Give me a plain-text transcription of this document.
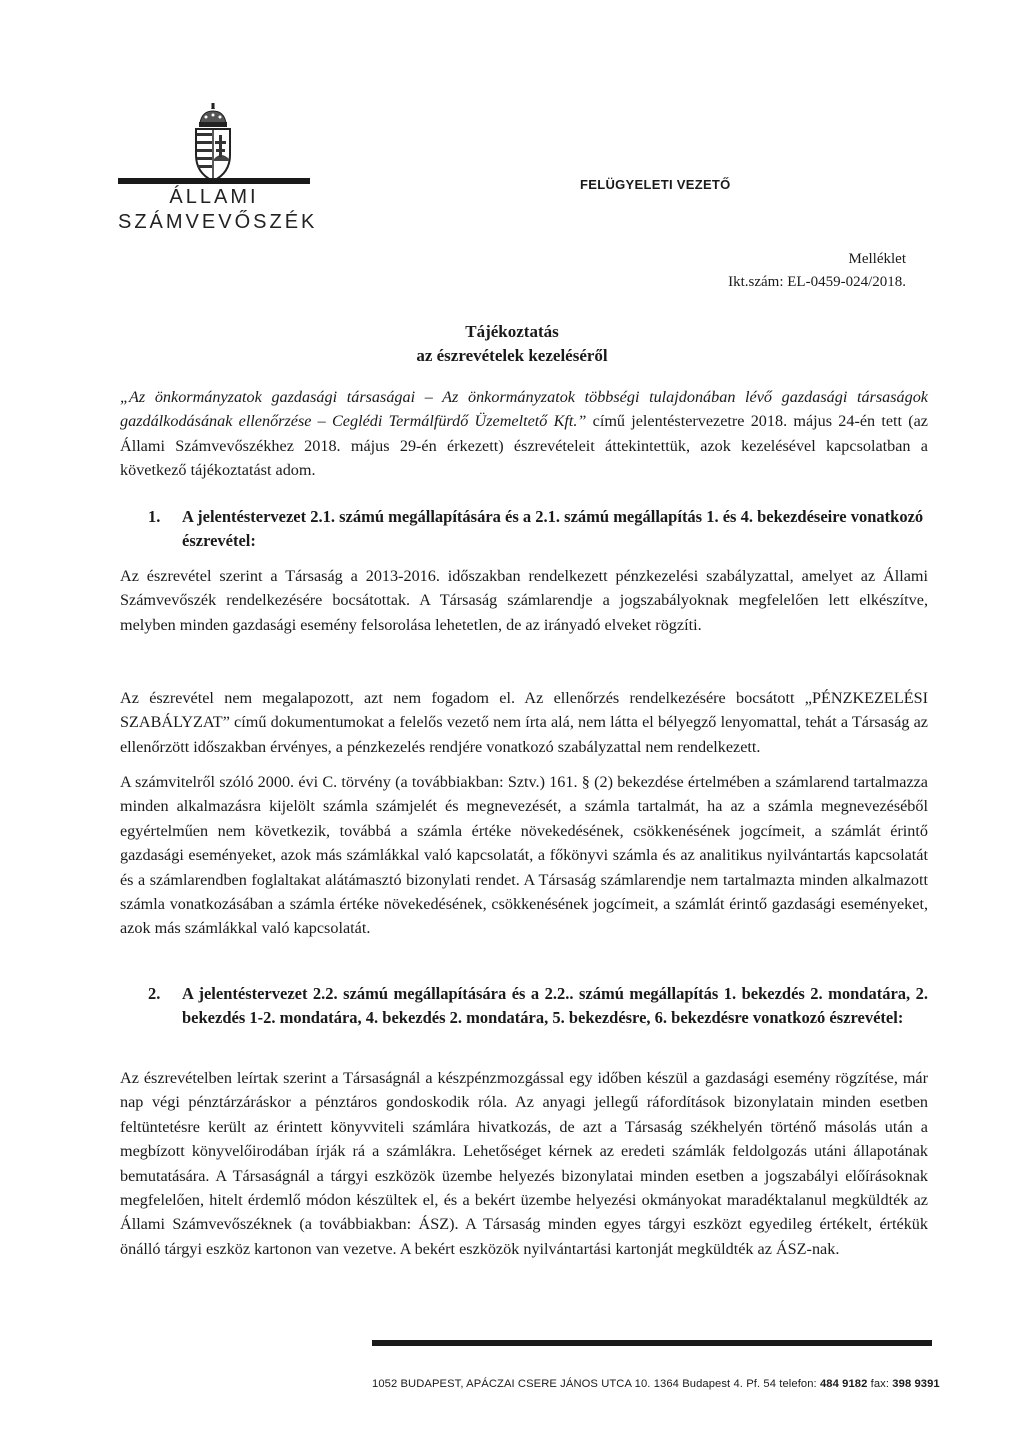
ÁLLAMI
SZÁMVEVŐSZÉK
FELÜGYELETI VEZETŐ
Melléklet
Ikt.szám: EL-0459-024/2018.
Tájékoztatás
az észrevételek kezeléséről

„Az önkormányzatok gazdasági társaságai – Az önkormányzatok többségi tulajdonában lévő gazdasági társaságok gazdálkodásának ellenőrzése – Ceglédi Termálfürdő Üzemeltető Kft.” című jelentéstervezetre 2018. május 24-én tett (az Állami Számvevőszékhez 2018. május 29-én érkezett) észrevételeit áttekintettük, azok kezelésével kapcsolatban a következő tájékoztatást adom.

1.	A jelentéstervezet 2.1. számú megállapítására és a 2.1. számú megállapítás 1. és 4. bekezdéseire vonatkozó észrevétel:

Az észrevétel szerint a Társaság a 2013-2016. időszakban rendelkezett pénzkezelési szabályzattal, amelyet az Állami Számvevőszék rendelkezésére bocsátottak. A Társaság számlarendje a jogszabályoknak megfelelően lett elkészítve, melyben minden gazdasági esemény felsorolása lehetetlen, de az irányadó elveket rögzíti.

Az észrevétel nem megalapozott, azt nem fogadom el. Az ellenőrzés rendelkezésére bocsátott „PÉNZKEZELÉSI SZABÁLYZAT” című dokumentumokat a felelős vezető nem írta alá, nem látta el bélyegző lenyomattal, tehát a Társaság az ellenőrzött időszakban érvényes, a pénzkezelés rendjére vonatkozó szabályzattal nem rendelkezett.

A számvitelről szóló 2000. évi C. törvény (a továbbiakban: Sztv.) 161. § (2) bekezdése értelmében a számlarend tartalmazza minden alkalmazásra kijelölt számla számjelét és megnevezését, a számla tartalmát, ha az a számla megnevezéséből egyértelműen nem következik, továbbá a számla értéke növekedésének, csökkenésének jogcímeit, a számlát érintő gazdasági eseményeket, azok más számlákkal való kapcsolatát, a főkönyvi számla és az analitikus nyilvántartás kapcsolatát és a számlarendben foglaltakat alátámasztó bizonylati rendet. A Társaság számlarendje nem tartalmazta minden alkalmazott számla vonatkozásában a számla értéke növekedésének, csökkenésének jogcímeit, a számlát érintő gazdasági eseményeket, azok más számlákkal való kapcsolatát.

2.	A jelentéstervezet 2.2. számú megállapítására és a 2.2.. számú megállapítás 1. bekezdés 2. mondatára, 2. bekezdés 1-2. mondatára, 4. bekezdés 2. mondatára, 5. bekezdésre, 6. bekezdésre vonatkozó észrevétel:

Az észrevételben leírtak szerint a Társaságnál a készpénzmozgással egy időben készül a gazdasági esemény rögzítése, már nap végi pénztárzáráskor a pénztáros gondoskodik róla. Az anyagi jellegű ráfordítások bizonylatain minden esetben feltüntetésre került az érintett könyvviteli számlára hivatkozás, de azt a Társaság székhelyén történő másolás után a megbízott könyvelőirodában írják rá a számlákra. Lehetőséget kérnek az eredeti számlák feldolgozás utáni állapotának bemutatására. A Társaságnál a tárgyi eszközök üzembe helyezés bizonylatai minden esetben a jogszabályi előírásoknak megfelelően, hitelt érdemlő módon készültek el, és a bekért üzembe helyezési okmányokat maradéktalanul megküldték az Állami Számvevőszéknek (a továbbiakban: ÁSZ). A Társaság minden egyes tárgyi eszközt egyedileg értékelt, értékük önálló tárgyi eszköz kartonon van vezetve. A bekért eszközök nyilvántartási kartonját megküldték az ÁSZ-nak.

1052 BUDAPEST, APÁCZAI CSERE JÁNOS UTCA 10. 1364 Budapest 4. Pf. 54 telefon: 484 9182 fax: 398 9391
